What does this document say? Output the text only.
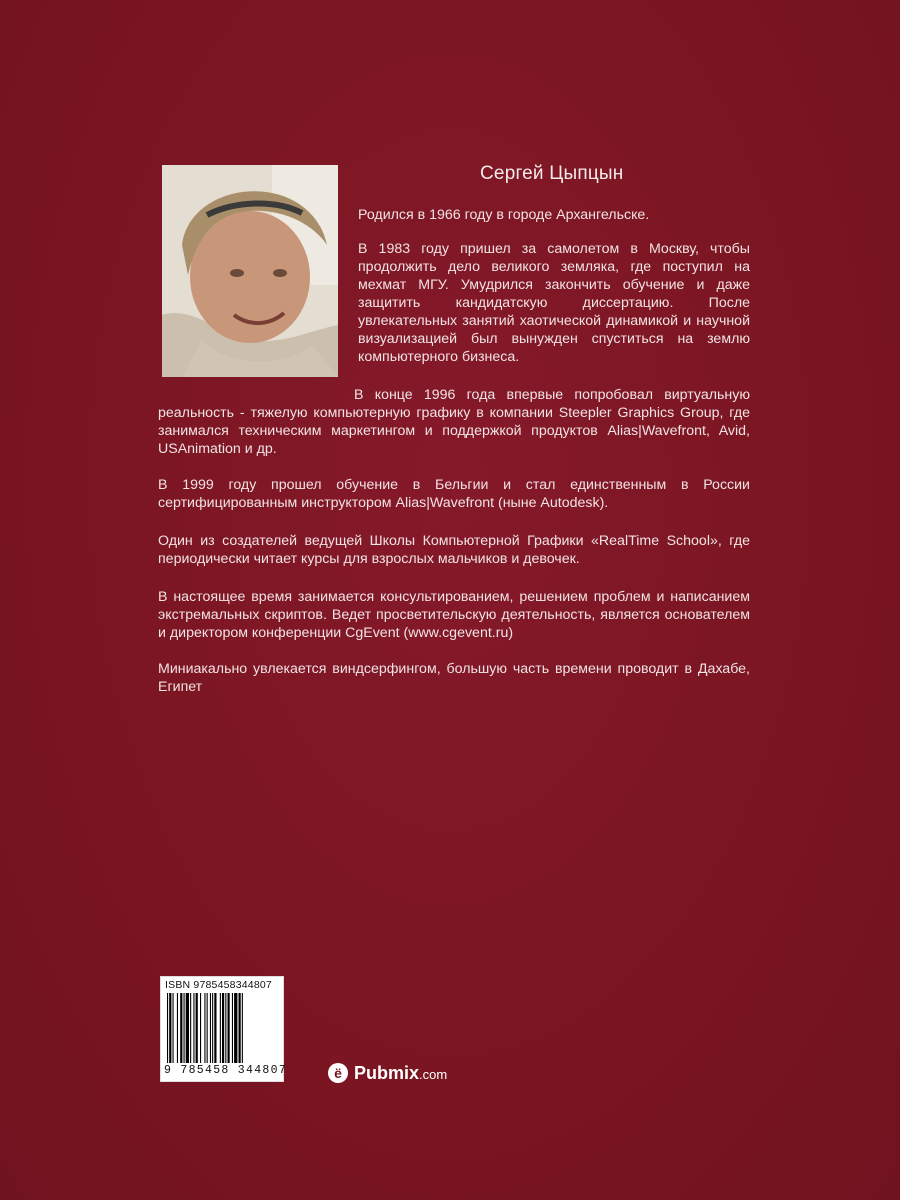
Сергей Цыпцын

Родился в 1966 году в городе Архангельске.

В 1983 году пришел за самолетом в Москву, чтобы продолжить дело великого земляка, где поступил на мехмат МГУ. Умудрился закончить обучение и даже защитить кандидатскую диссертацию. После увлекательных занятий хаотической динамикой и научной визуализацией был вынужден спуститься на землю компьютерного бизнеса.

В конце 1996 года впервые попробовал виртуальную реальность - тяжелую компьютерную графику в компании Steepler Graphics Group, где занимался техническим маркетингом и поддержкой продуктов Alias|Wavefront, Avid, USAnimation и др.

В 1999 году прошел обучение в Бельгии и стал единственным в России сертифицированным инструктором Alias|Wavefront (ныне Autodesk).

Один из создателей ведущей Школы Компьютерной Графики «RealTime School», где периодически читает курсы для взрослых мальчиков и девочек.

В настоящее время занимается консультированием, решением проблем и написанием экстремальных скриптов. Ведет просветительскую деятельность, является основателем и директором конференции CgEvent (www.cgevent.ru)

Миниакально увлекается виндсерфингом, большую часть времени проводит в Дахабе, Египет

ISBN 9785458344807
9 785458 344807	ё Pubmix .com
